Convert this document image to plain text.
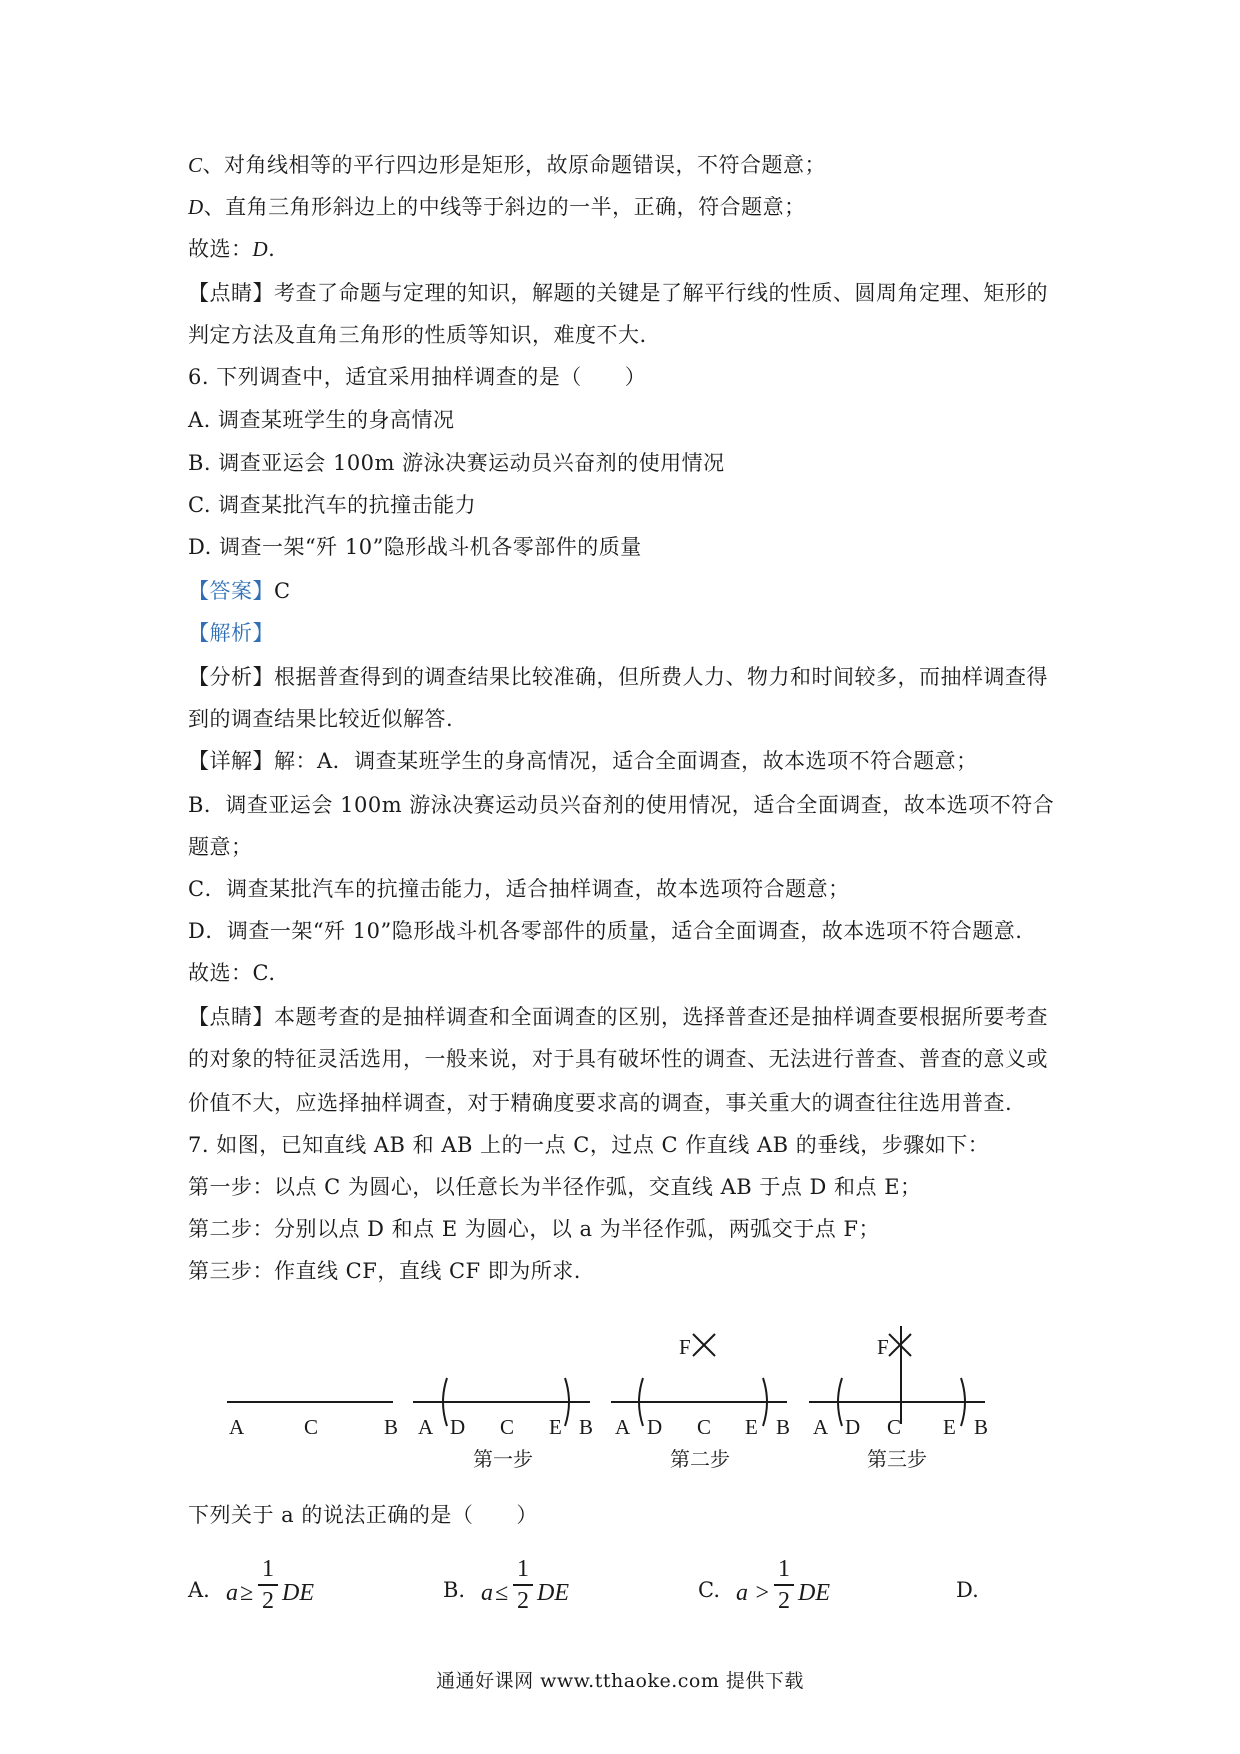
C、对角线相等的平行四边形是矩形，故原命题错误，不符合题意；
D、直角三角形斜边上的中线等于斜边的一半，正确，符合题意；
故选：D.
【点睛】考查了命题与定理的知识，解题的关键是了解平行线的性质、圆周角定理、矩形的
判定方法及直角三角形的性质等知识，难度不大.
6. 下列调查中，适宜采用抽样调查的是（　　）
A. 调查某班学生的身高情况
B. 调查亚运会 100m 游泳决赛运动员兴奋剂的使用情况
C. 调查某批汽车的抗撞击能力
D. 调查一架“歼 10”隐形战斗机各零部件的质量
【答案】C
【解析】
【分析】根据普查得到的调查结果比较准确，但所费人力、物力和时间较多，而抽样调查得
到的调查结果比较近似解答.
【详解】解：A．调查某班学生的身高情况，适合全面调查，故本选项不符合题意；
B．调查亚运会 100m 游泳决赛运动员兴奋剂的使用情况，适合全面调查，故本选项不符合
题意；
C．调查某批汽车的抗撞击能力，适合抽样调查，故本选项符合题意；
D．调查一架“歼 10”隐形战斗机各零部件的质量，适合全面调查，故本选项不符合题意.
故选：C.
【点睛】本题考查的是抽样调查和全面调查的区别，选择普查还是抽样调查要根据所要考查
的对象的特征灵活选用，一般来说，对于具有破坏性的调查、无法进行普查、普查的意义或
价值不大，应选择抽样调查，对于精确度要求高的调查，事关重大的调查往往选用普查.
7. 如图，已知直线 AB 和 AB 上的一点 C，过点 C 作直线 AB 的垂线，步骤如下：
第一步：以点 C 为圆心，以任意长为半径作弧，交直线 AB 于点 D 和点 E；
第二步：分别以点 D 和点 E 为圆心，以 a 为半径作弧，两弧交于点 F；
第三步：作直线 CF，直线 CF 即为所求.
A	C	B A D C E B A D C E B
F
A D C E B
F
第一步	第二步	第三步
下列关于 a 的说法正确的是（　　）
A. a ≥
1
2 DE	B. a ≤
1
2 DE	C. a >
1
2 DE	D.
通通好课网 www.tthaoke.com 提供下载
